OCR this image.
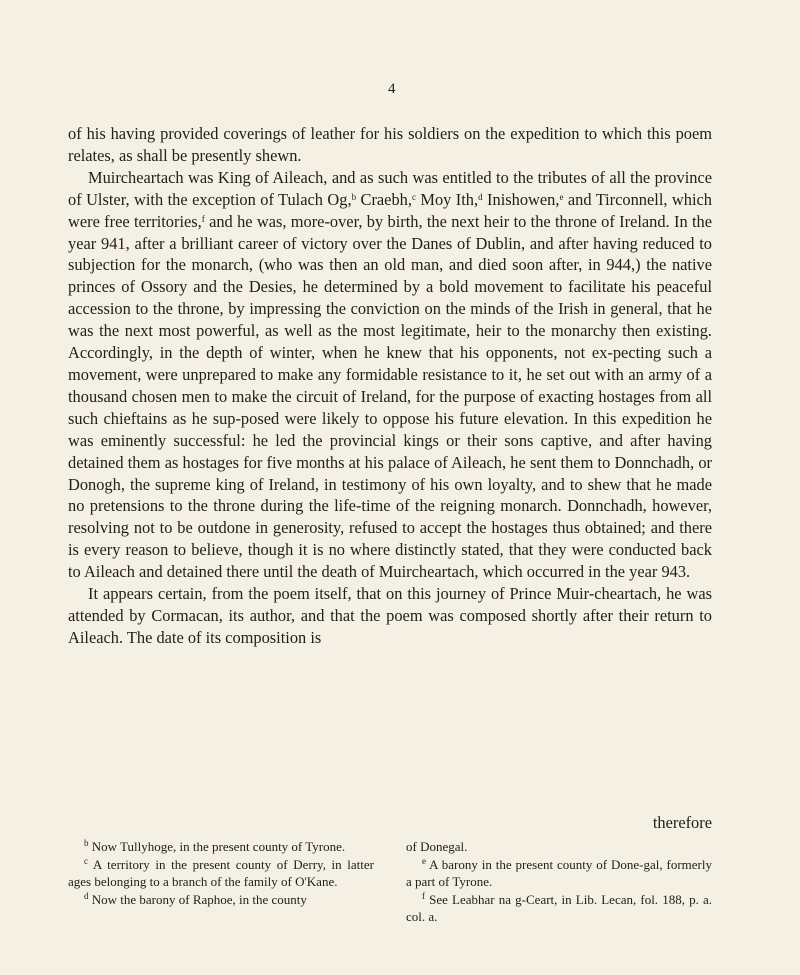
4

of his having provided coverings of leather for his soldiers on the expedition to which this poem relates, as shall be presently shewn.

Muircheartach was King of Aileach, and as such was entitled to the tributes of all the province of Ulster, with the exception of Tulach Og,$^b$ Craebh,$^c$ Moy Ith,$^d$ Inishowen,$^e$ and Tirconnell, which were free territories,$^f$ and he was, more-over, by birth, the next heir to the throne of Ireland. In the year 941, after a brilliant career of victory over the Danes of Dublin, and after having reduced to subjection for the monarch, (who was then an old man, and died soon after, in 944,) the native princes of Ossory and the Desies, he determined by a bold movement to facilitate his peaceful accession to the throne, by impressing the conviction on the minds of the Irish in general, that he was the next most powerful, as well as the most legitimate, heir to the monarchy then existing. Accordingly, in the depth of winter, when he knew that his opponents, not ex-pecting such a movement, were unprepared to make any formidable resistance to it, he set out with an army of a thousand chosen men to make the circuit of Ireland, for the purpose of exacting hostages from all such chieftains as he sup-posed were likely to oppose his future elevation. In this expedition he was eminently successful: he led the provincial kings or their sons captive, and after having detained them as hostages for five months at his palace of Aileach, he sent them to Donnchadh, or Donogh, the supreme king of Ireland, in testimony of his own loyalty, and to shew that he made no pretensions to the throne during the life-time of the reigning monarch. Donnchadh, however, resolving not to be outdone in generosity, refused to accept the hostages thus obtained; and there is every reason to believe, though it is no where distinctly stated, that they were conducted back to Aileach and detained there until the death of Muircheartach, which occurred in the year 943.

It appears certain, from the poem itself, that on this journey of Prince Muir-cheartach, he was attended by Cormacan, its author, and that the poem was composed shortly after their return to Aileach. The date of its composition is

therefore

$^b$ Now Tullyhoge, in the present county of Tyrone.

$^c$ A territory in the present county of Derry, in latter ages belonging to a branch of the family of O'Kane.

$^d$ Now the barony of Raphoe, in the county

of Donegal.

$^e$ A barony in the present county of Done-gal, formerly a part of Tyrone.

$^f$ See Leabhar na g-Ceart, in Lib. Lecan, fol. 188, p. a. col. a.
